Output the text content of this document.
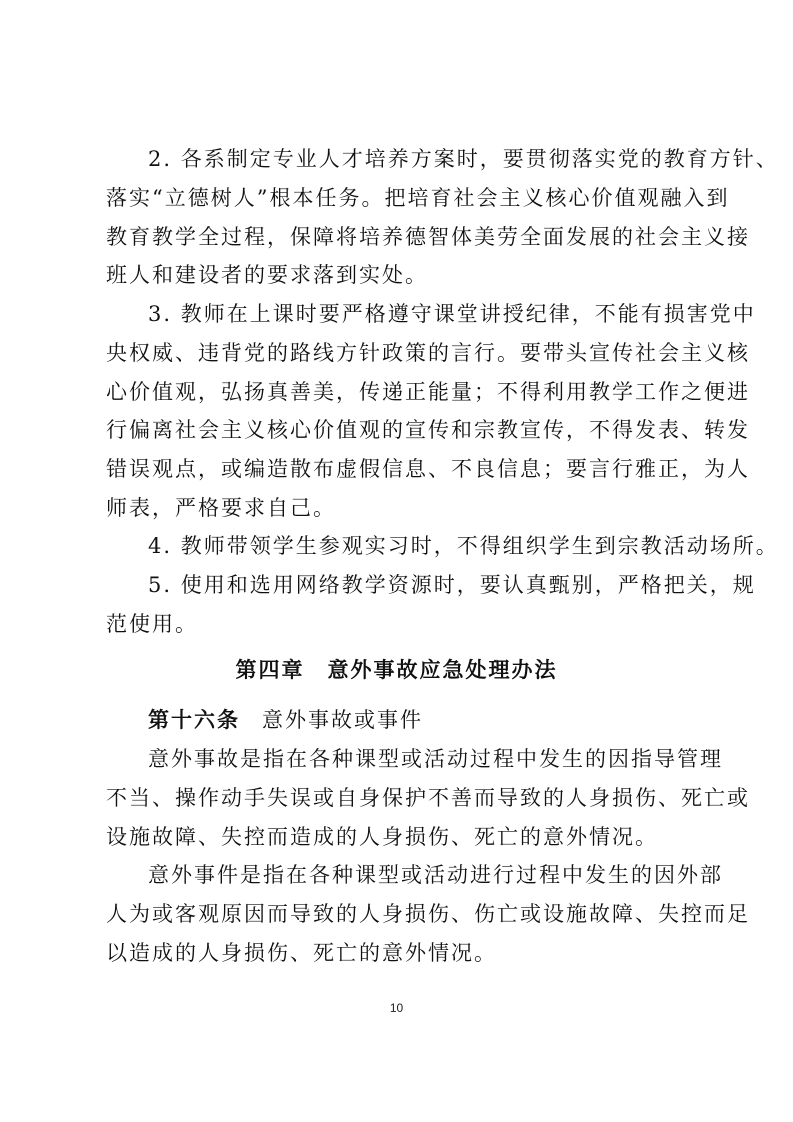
2. 各系制定专业人才培养方案时，要贯彻落实党的教育方针、
落实“立德树人”根本任务。把培育社会主义核心价值观融入到
教育教学全过程，保障将培养德智体美劳全面发展的社会主义接
班人和建设者的要求落到实处。
3. 教师在上课时要严格遵守课堂讲授纪律，不能有损害党中
央权威、违背党的路线方针政策的言行。要带头宣传社会主义核
心价值观，弘扬真善美，传递正能量；不得利用教学工作之便进
行偏离社会主义核心价值观的宣传和宗教宣传，不得发表、转发
错误观点，或编造散布虚假信息、不良信息；要言行雅正，为人
师表，严格要求自己。
4. 教师带领学生参观实习时，不得组织学生到宗教活动场所。
5. 使用和选用网络教学资源时，要认真甄别，严格把关，规
范使用。
第四章　意外事故应急处理办法
第十六条 意外事故或事件
意外事故是指在各种课型或活动过程中发生的因指导管理
不当、操作动手失误或自身保护不善而导致的人身损伤、死亡或
设施故障、失控而造成的人身损伤、死亡的意外情况。
意外事件是指在各种课型或活动进行过程中发生的因外部
人为或客观原因而导致的人身损伤、伤亡或设施故障、失控而足
以造成的人身损伤、死亡的意外情况。
10
